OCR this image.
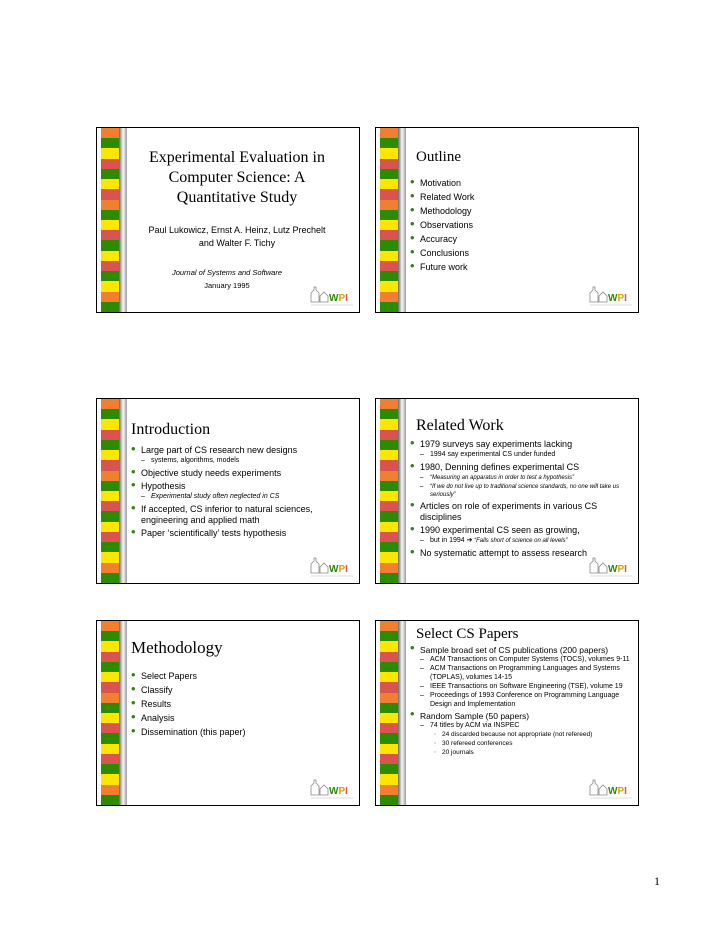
Experimental Evaluation in Computer Science: A Quantitative Study
Paul Lukowicz, Ernst A. Heinz, Lutz Prechelt and Walter F. Tichy
Journal of Systems and Software
January 1995
WPI
Outline
• Motivation
• Related Work
• Methodology
• Observations
• Accuracy
• Conclusions
• Future work
WPI
Introduction
• Large part of CS research new designs
– systems, algorithms, models
• Objective study needs experiments
• Hypothesis
– Experimental study often neglected in CS
• If accepted, CS inferior to natural sciences, engineering and applied math
• Paper ‘scientifically’ tests hypothesis
WPI
Related Work
• 1979 surveys say experiments lacking
– 1994 say experimental CS under funded
• 1980, Denning defines experimental CS
– “Measuring an apparatus in order to test a hypothesis”
– “If we do not live up to traditional science standards, no one will take us seriously”
• Articles on role of experiments in various CS disciplines
• 1990 experimental CS seen as growing,
– but in 1994 ➔ “Falls short of science on all levels”
• No systematic attempt to assess research
WPI
Methodology
• Select Papers
• Classify
• Results
• Analysis
• Dissemination (this paper)
WPI
Select CS Papers
• Sample broad set of CS publications (200 papers)
– ACM Transactions on Computer Systems (TOCS), volumes 9-11
– ACM Transactions on Programming Languages and Systems (TOPLAS), volumes 14-15
– IEEE Transactions on Software Engineering (TSE), volume 19
– Proceedings of 1993 Conference on Programming Language Design and Implementation
• Random Sample (50 papers)
– 74 titles by ACM via INSPEC
◦ 24 discarded because not appropriate (not refereed)
◦ 30 refereed conferences
◦ 20 journals
WPI
1
